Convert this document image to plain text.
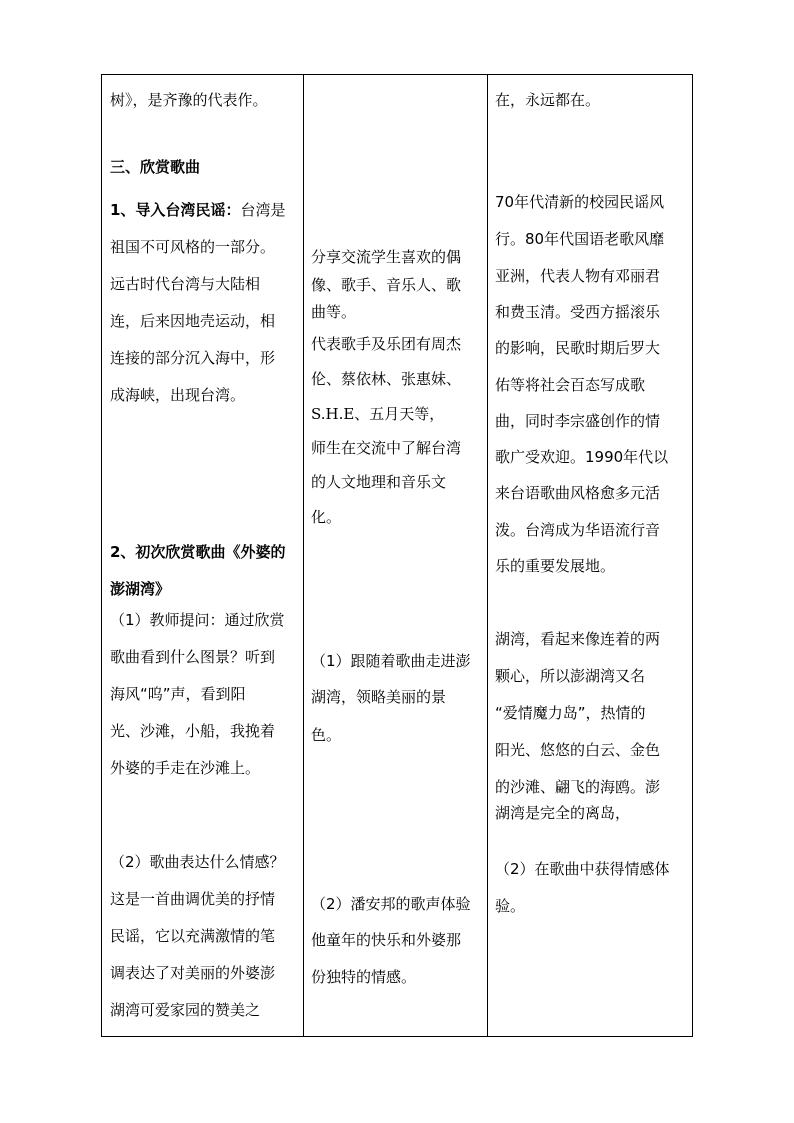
树》，是齐豫的代表作。

三、欣赏歌曲

1、导入台湾民谣：台湾是

祖国不可风格的一部分。

远古时代台湾与大陆相

连，后来因地壳运动，相

连接的部分沉入海中，形

成海峡，出现台湾。

2、初次欣赏歌曲《外婆的

澎湖湾》

（1）教师提问：通过欣赏

歌曲看到什么图景？听到

海风“呜”声，看到阳

光、沙滩，小船，我挽着

外婆的手走在沙滩上。

（2）歌曲表达什么情感？

这是一首曲调优美的抒情

民谣，它以充满激情的笔

调表达了对美丽的外婆澎

湖湾可爱家园的赞美之

分享交流学生喜欢的偶

像、歌手、音乐人、歌

曲等。

代表歌手及乐团有周杰

伦、蔡依林、张惠妹、

S.H.E、五月天等，

师生在交流中了解台湾

的人文地理和音乐文

化。

（1）跟随着歌曲走进澎

湖湾，领略美丽的景

色。

（2）潘安邦的歌声体验

他童年的快乐和外婆那

份独特的情感。

在，永远都在。

70年代清新的校园民谣风

行。80年代国语老歌风靡

亚洲，代表人物有邓丽君

和费玉清。受西方摇滚乐

的影响，民歌时期后罗大

佑等将社会百态写成歌

曲，同时李宗盛创作的情

歌广受欢迎。1990年代以

来台语歌曲风格愈多元活

泼。台湾成为华语流行音

乐的重要发展地。

湖湾，看起来像连着的两

颗心，所以澎湖湾又名

“爱情魔力岛”，热情的

阳光、悠悠的白云、金色

的沙滩、翩飞的海鸥。澎

湖湾是完全的离岛，

（2）在歌曲中获得情感体

验。
